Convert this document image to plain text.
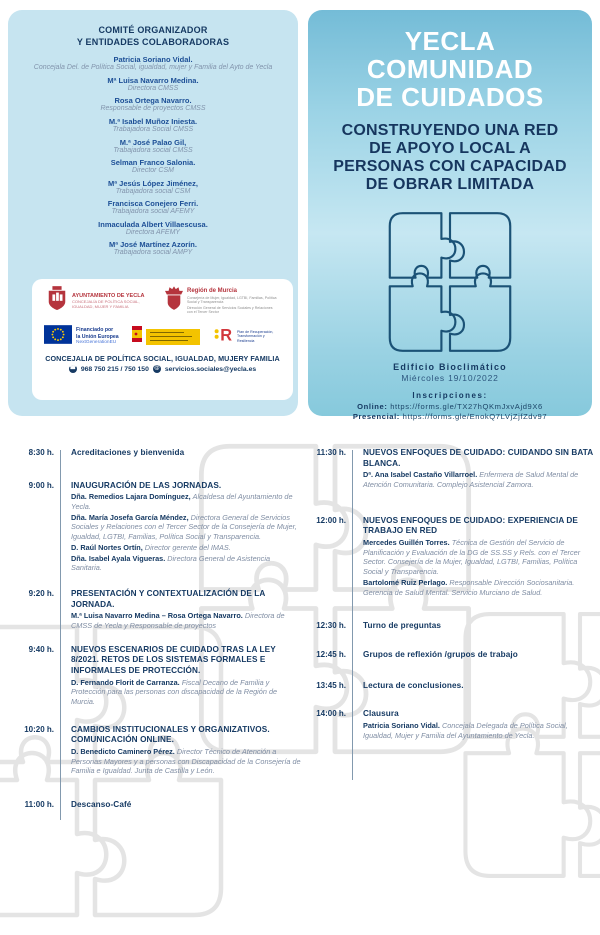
COMITÉ ORGANIZADOR
Y ENTIDADES COLABORADORAS
Patricia Soriano Vidal.
Concejala Del. de Política Social, igualdad, mujer y Familia del Ayto de Yecla
Mª Luisa Navarro Medina.
Directora CMSS
Rosa Ortega Navarro.
Responsable de proyectos CMSS
M.ª Isabel Muñoz Iniesta.
Trabajadora Social CMSS
M.ª José Palao Gil,
Trabajadora social CMSS
Selman Franco Salonia.
Director CSM
Mª Jesús López Jiménez,
Trabajadora social CSM
Francisca Conejero Ferri.
Trabajadora social AFEMY
Inmaculada Albert Villaescusa.
Directora AFEMY
Mª José Martínez Azorín.
Trabajadora social AMPY
AYUNTAMIENTO DE YECLA
CONCEJALÍA DE POLÍTICA SOCIAL, IGUALDAD, MUJER Y FAMILIA
Región de Murcia
Consejería de Mujer, Igualdad, LGTBI, Familias, Política Social y Transparencia
Dirección General de Servicios Sociales y Relaciones con el Tercer Sector
Financiado por
la Unión Europea
NextGenerationEU	R Plan de Recuperación, Transformación y Resiliencia
CONCEJALIA DE POLÍTICA SOCIAL, IGUALDAD, MUJERY FAMILIA
☎ 968 750 215 / 750 150 @ servicios.sociales@yecla.es
YECLA
COMUNIDAD
DE CUIDADOS
CONSTRUYENDO UNA RED
DE APOYO LOCAL A
PERSONAS CON CAPACIDAD
DE OBRAR LIMITADA
Edificio Bioclimático
Miércoles 19/10/2022
Inscripciones:
Online: https://forms.gle/TX27hQKmJxvAjd9X6
Presencial: https://forms.gle/EnokQ7LVjZjfZdv97
8:30 h.	Acreditaciones y bienvenida
9:00 h.	INAUGURACIÓN DE LAS JORNADAS.
Dña. Remedios Lajara Domínguez, Alcaldesa del Ayuntamiento de Yecla.
Dña. María Josefa García Méndez, Directora General de Servicios Sociales y Relaciones con el Tercer Sector de la Consejería de Mujer, Igualdad, LGTBI, Familias, Política Social y Transparencia.
D. Raúl Nortes Ortín, Director gerente del IMAS.
Dña. Isabel Ayala Vigueras. Directora General de Asistencia Sanitaria.
9:20 h.	PRESENTACIÓN Y CONTEXTUALIZACIÓN DE LA JORNADA.
M.ª Luisa Navarro Medina – Rosa Ortega Navarro. Directora de CMSS de Yecla y Responsable de proyectos
9:40 h.	NUEVOS ESCENARIOS DE CUIDADO TRAS LA LEY 8/2021. RETOS DE LOS SISTEMAS FORMALES E INFORMALES DE PROTECCIÓN.
D. Fernando Florit de Carranza. Fiscal Decano de Familia y Protección para las personas con discapacidad de la Región de Murcia.
10:20 h.	CAMBIOS INSTITUCIONALES Y ORGANIZATIVOS. COMUNICACIÓN ONLINE.
D. Benedicto Caminero Pérez. Director Técnico de Atención a Personas Mayores y a personas con Discapacidad de la Consejería de Familia e Igualdad. Junta de Castilla y León.
11:00 h.	Descanso-Café
11:30 h.	NUEVOS ENFOQUES DE CUIDADO: CUIDANDO SIN BATA BLANCA.
Dª. Ana Isabel Castaño Villarroel. Enfermera de Salud Mental de Atención Comunitaria. Complejo Asistencial Zamora.
12:00 h.	NUEVOS ENFOQUES DE CUIDADO: EXPERIENCIA DE TRABAJO EN RED
Mercedes Guillén Torres. Técnica de Gestión del Servicio de Planificación y Evaluación de la DG de SS.SS y Rels. con el Tercer Sector. Consejería de la Mujer, Igualdad, LGTBI, Familias, Política Social y Transparencia.
Bartolomé Ruiz Perlago. Responsable Dirección Sociosanitaria. Gerencia de Salud Mental. Servicio Murciano de Salud.
12:30 h.	Turno de preguntas
12:45 h.	Grupos de reflexión /grupos de trabajo
13:45 h.	Lectura de conclusiones.
14:00 h.	Clausura
Patricia Soriano Vidal. Concejala Delegada de Política Social, Igualdad, Mujer y Familia del Ayuntamiento de Yecla.
